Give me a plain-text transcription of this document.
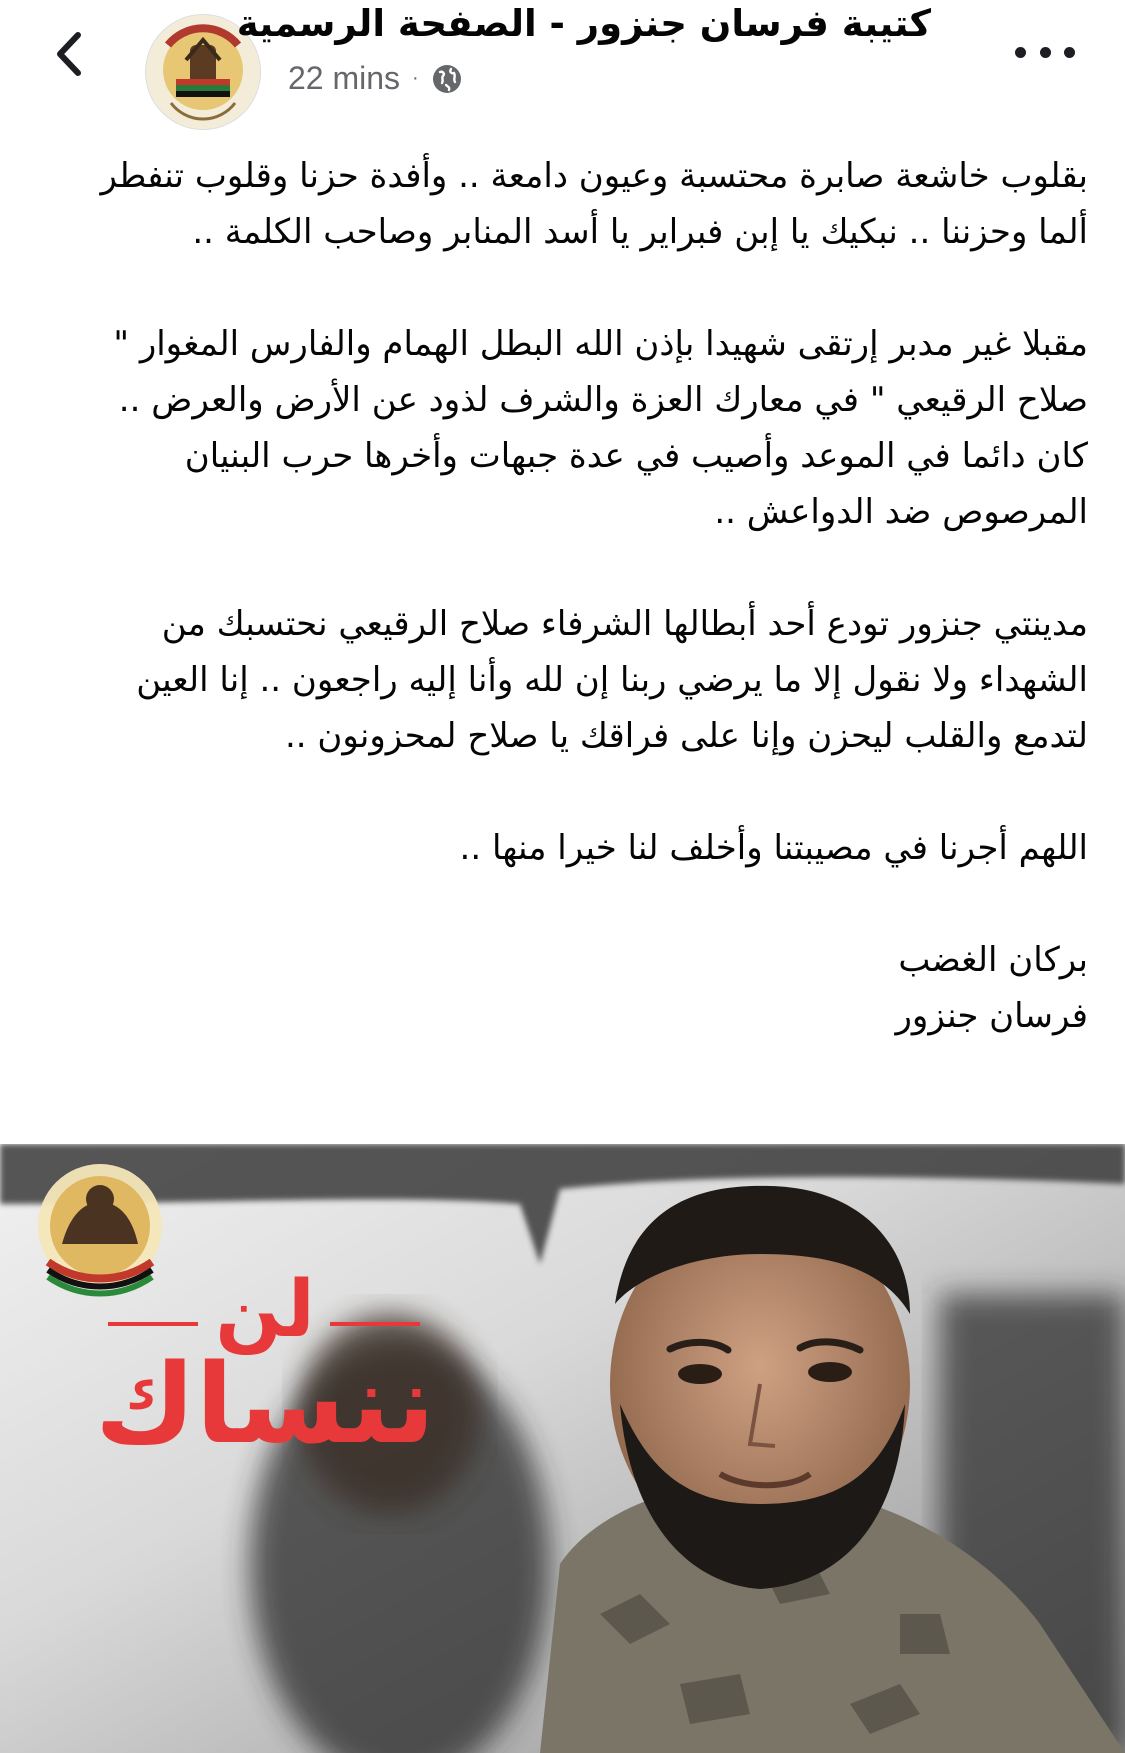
كتيبة فرسان جنزور - الصفحة الرسمية
22 mins ·

بقلوب خاشعة صابرة محتسبة وعيون دامعة .. وأفدة حزنا وقلوب تنفطر ألما وحزننا .. نبكيك يا إبن فبراير يا أسد المنابر وصاحب الكلمة ..

مقبلا غير مدبر إرتقى شهيدا بإذن الله البطل الهمام والفارس المغوار " صلاح الرقيعي " في معارك العزة والشرف لذود عن الأرض والعرض .. كان دائما في الموعد وأصيب في عدة جبهات وأخرها حرب البنيان المرصوص ضد الدواعش ..

مدينتي جنزور تودع أحد أبطالها الشرفاء صلاح الرقيعي نحتسبك من الشهداء ولا نقول إلا ما يرضي ربنا إن لله وأنا إليه راجعون .. إنا العين لتدمع والقلب ليحزن وإنا على فراقك يا صلاح لمحزونون ..

اللهم أجرنا في مصيبتنا وأخلف لنا خيرا منها ..

بركان الغضب

فرسان جنزور

لن
ننساك
